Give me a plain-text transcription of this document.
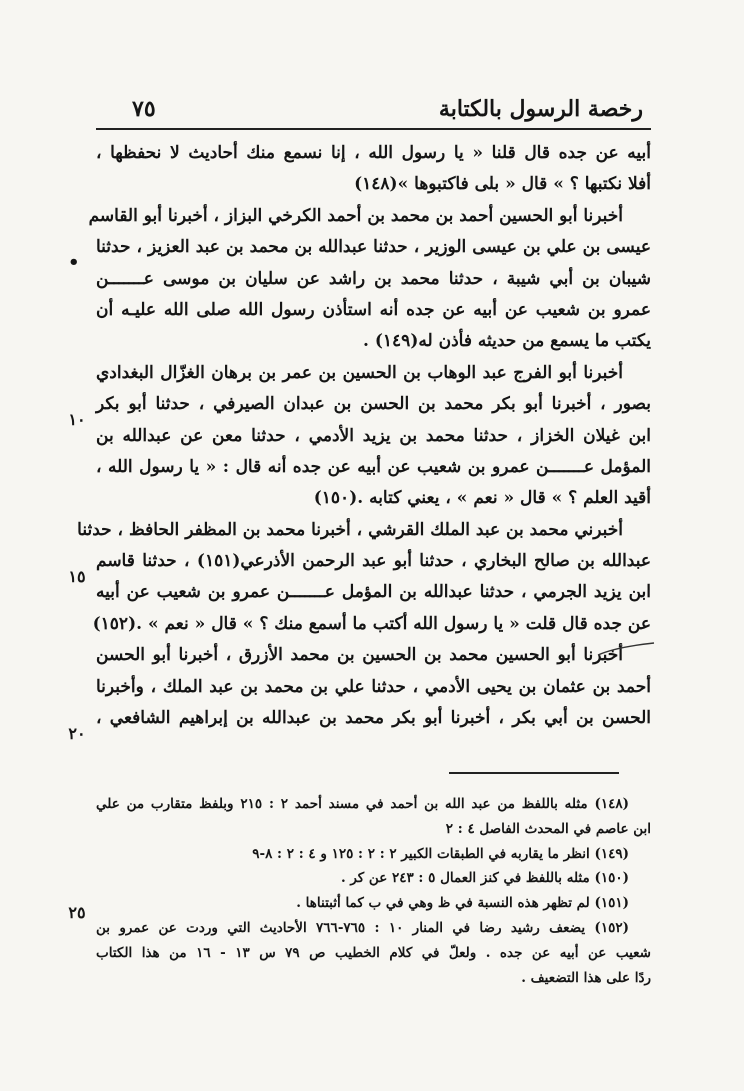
رخصة الرسول بالكتابة
٧٥
أبيه عن جده قال قلنا « يا رسول الله ، إنا نسمع منك أحاديث لا نحفظها ،
أفلا نكتبها ؟ » قال « بلى فاكتبوها »(١٤٨)
أخبرنا أبو الحسين أحمد بن محمد بن أحمد الكرخي البزاز ، أخبرنا أبو القاسم
عيسى بن علي بن عيسى الوزير ، حدثنا عبدالله بن محمد بن عبد العزيز ، حدثنا
شيبان بن أبي شيبة ، حدثنا محمد بن راشد عن سليان بن موسى عـــــــن
عمرو بن شعيب عن أبيه عن جده أنه استأذن رسول الله صلى الله عليـه أن
يكتب ما يسمع من حديثه فأذن له(١٤٩) .
أخبرنا أبو الفرج عبد الوهاب بن الحسين بن عمر بن برهان الغزّال البغدادي
بصور ، أخبرنا أبو بكر محمد بن الحسن بن عبدان الصيرفي ، حدثنا أبو بكر
ابن غيلان الخزاز ، حدثنا محمد بن يزيد الأدمي ، حدثنا معن عن عبدالله بن
المؤمل عـــــــن عمرو بن شعيب عن أبيه عن جده أنه قال : « يا رسول الله ،
أقيد العلم ؟ » قال « نعم » ، يعني كتابه .(١٥٠)
أخبرني محمد بن عبد الملك القرشي ، أخبرنا محمد بن المظفر الحافظ ، حدثنا
عبدالله بن صالح البخاري ، حدثنا أبو عبد الرحمن الأذرعي(١٥١) ، حدثنا قاسم
ابن يزيد الجرمي ، حدثنا عبدالله بن المؤمل عـــــــن عمرو بن شعيب عن أبيه
عن جده قال قلت « يا رسول الله أكتب ما أسمع منك ؟ » قال « نعم » .(١٥٢)
أخبرنا أبو الحسين محمد بن الحسين بن محمد الأزرق ، أخبرنا أبو الحسن
أحمد بن عثمان بن يحيى الأدمي ، حدثنا علي بن محمد بن عبد الملك ، وأخبرنا
الحسن بن أبي بكر ، أخبرنا أبو بكر محمد بن عبدالله بن إبراهيم الشافعي ،
•
١٠
١٥
٢٠
٢٥
(١٤٨) مثله باللفظ من عبد الله بن أحمد في مسند أحمد ٢ : ٢١٥ وبلفظ متقارب من علي
ابن عاصم في المحدث الفاصل ٤ : ٢
(١٤٩) انظر ما يقاربه في الطبقات الكبير ٢ : ٢ : ١٢٥ و ٤ : ٢ : ٨-٩
(١٥٠) مثله باللفظ في كنز العمال ٥ : ٢٤٣ عن كر .
(١٥١) لم تظهر هذه النسبة في ظ وهي في ب كما أثبتناها .
(١٥٢) يضعف رشيد رضا في المنار ١٠ : ٧٦٥-٧٦٦ الأحاديث التي وردت عن عمرو بن
شعيب عن أبيه عن جده . ولعلّ في كلام الخطيب ص ٧٩ س ١٣ - ١٦ من هذا الكتاب
ردًا على هذا التضعيف .
